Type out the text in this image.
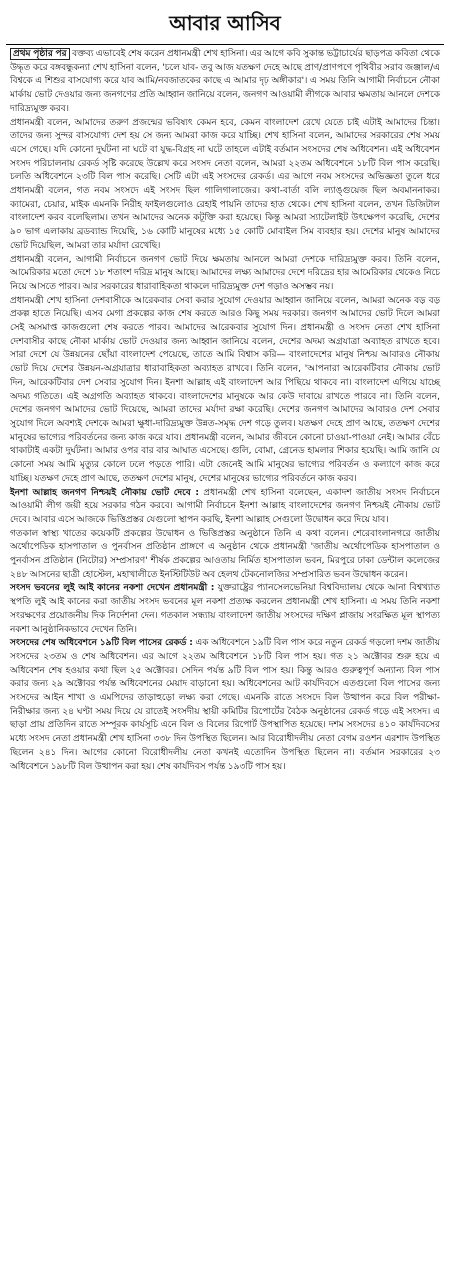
আবার আসিব

প্রথম পৃষ্ঠার পর বক্তব্য এভাবেই শেষ করেন প্রধানমন্ত্রী শেখ হাসিনা। এর আগে কবি সুকান্ত ভট্টাচার্যের ছাড়পত্র কবিতা থেকে উদ্ধৃত করে বঙ্গবন্ধুকন্যা শেখ হাসিনা বলেন, 'চলে যাব- তবু আজ যতক্ষণ দেহে আছে প্রাণ/প্রাণপণে পৃথিবীর সরাব জঞ্জাল/এ বিশ্বকে এ শিশুর বাসযোগ্য করে যাব আমি/নবজাতকের কাছে এ আমার দৃঢ় অঙ্গীকার'। এ সময় তিনি আগামী নির্বাচনে নৌকা মার্কায় ভোট দেওয়ার জন্য জনগণের প্রতি আহ্বান জানিয়ে বলেন, জনগণ আওয়ামী লীগকে আবার ক্ষমতায় আনলে দেশকে দারিদ্র্যমুক্ত করব।

প্রধানমন্ত্রী বলেন, আমাদের তরুণ প্রজন্মের ভবিষ্যৎ কেমন হবে, কেমন বাংলাদেশ রেখে যেতে চাই এটাই আমাদের চিন্তা। তাদের জন্য সুন্দর বাসযোগ্য দেশ হয় সে জন্য আমরা কাজ করে যাচ্ছি। শেখ হাসিনা বলেন, আমাদের সরকারের শেষ সময় এসে গেছে। যদি কোনো দুর্ঘটনা না ঘটে বা যুদ্ধ-বিগ্রহ না ঘটে তাহলে এটাই বর্তমান সংসদের শেষ অধিবেশন। এই অধিবেশন সংসদ পরিচালনায় রেকর্ড সৃষ্টি করেছে উল্লেখ করে সংসদ নেতা বলেন, আমরা ২২তম অধিবেশনে ১৮টি বিল পাস করেছি। চলতি অধিবেশনে ২৩টি বিল পাস করেছি। সেটি এটা এই সংসদের রেকর্ড। এর আগে নবম সংসদের অভিজ্ঞতা তুলে ধরে প্রধানমন্ত্রী বলেন, গত নবম সংসদে এই সংসদ ছিল গালিগালাজের। কথা-বার্তা বলি ল্যাঙ্গুয়েজ ছিল অবমাননাকর। ক্যামেরা, চেয়ার, মাইক এমনকি নিরীহ ফাইলগুলোও রেহাই পায়নি তাদের হাত থেকে। শেখ হাসিনা বলেন, তখন ডিজিটাল বাংলাদেশ করব বলেছিলাম। তখন আমাদের অনেক কটূক্তি করা হয়েছে। কিন্তু আমরা স্যাটেলাইট উৎক্ষেপণ করেছি, দেশের ৯০ ভাগ এলাকায় ব্রডব্যান্ড দিয়েছি, ১৬ কোটি মানুষের মধ্যে ১৫ কোটি মোবাইল সিম ব্যবহার হয়। দেশের মানুষ আমাদের ভোট দিয়েছিল, আমরা তার মর্যাদা রেখেছি।

প্রধানমন্ত্রী বলেন, আগামী নির্বাচনে জনগণ ভোট দিয়ে ক্ষমতায় আনলে আমরা দেশকে দারিদ্র্যমুক্ত করব। তিনি বলেন, আমেরিকার মতো দেশে ১৮ শতাংশ দরিদ্র মানুষ আছে। আমাদের লক্ষ্য আমাদের দেশে দরিদ্রের হার আমেরিকার থেকেও নিচে নিয়ে আসতে পারব। আর সরকারের ধারাবাহিকতা থাকলে দারিদ্র্যমুক্ত দেশ গড়াও অসম্ভব নয়।

প্রধানমন্ত্রী শেখ হাসিনা দেশবাসীকে আরেকবার সেবা করার সুযোগ দেওয়ার আহ্বান জানিয়ে বলেন, আমরা অনেক বড় বড় প্রকল্প হাতে নিয়েছি। এসব মেগা প্রকল্পের কাজ শেষ করতে আরও কিছু সময় দরকার। জনগণ আমাদের ভোট দিলে আমরা সেই অসমাপ্ত কাজগুলো শেষ করতে পারব। আমাদের আরেকবার সুযোগ দিন। প্রধানমন্ত্রী ও সংসদ নেতা শেখ হাসিনা দেশবাসীর কাছে নৌকা মার্কায় ভোট দেওয়ার জন্য আহ্বান জানিয়ে বলেন, দেশের অদম্য অগ্রযাত্রা অব্যাহত রাখতে হবে। সারা দেশে যে উন্নয়নের ছোঁয়া বাংলাদেশ পেয়েছে, তাতে আমি বিশ্বাস করি— বাংলাদেশের মানুষ নিশ্চয় আবারও নৌকায় ভোট দিয়ে দেশের উন্নয়ন-অগ্রযাত্রার ধারাবাহিকতা অব্যাহত রাখবে। তিনি বলেন, 'আপনারা আরেকটিবার নৌকায় ভোট দিন, আরেকটিবার দেশ সেবার সুযোগ দিন। ইনশা আল্লাহ এই বাংলাদেশ আর পিছিয়ে থাকবে না। বাংলাদেশ এগিয়ে যাচ্ছে অদম্য গতিতে। এই অগ্রগতি অব্যাহত থাকবে। বাংলাদেশের মানুষকে আর কেউ দাবায়ে রাখতে পারবে না। তিনি বলেন, দেশের জনগণ আমাদের ভোট দিয়েছে, আমরা তাদের মর্যাদা রক্ষা করেছি। দেশের জনগণ আমাদের আবারও দেশ সেবার সুযোগ দিলে অবশ্যই দেশকে আমরা ক্ষুধা-দারিদ্র্যমুক্ত উন্নত-সমৃদ্ধ দেশ গড়ে তুলব। যতক্ষণ দেহে প্রাণ আছে, ততক্ষণ দেশের মানুষের ভাগ্যের পরিবর্তনের জন্য কাজ করে যাব। প্রধানমন্ত্রী বলেন, আমার জীবনে কোনো চাওয়া-পাওয়া নেই। আমার বেঁচে থাকাটাই একটা দুর্ঘটনা। আমার ওপর বার বার আঘাত এসেছে। গুলি, বোমা, গ্রেনেড হামলার শিকার হয়েছি। আমি জানি যে কোনো সময় আমি মৃত্যুর কোলে ঢলে পড়তে পারি। এটা জেনেই আমি মানুষের ভাগ্যের পরিবর্তন ও কল্যাণে কাজ করে যাচ্ছি। যতক্ষণ দেহে প্রাণ আছে, ততক্ষণ দেশের মানুষ, দেশের মানুষের ভাগ্যের পরিবর্তনে কাজ করব।

ইনশা আল্লাহ জনগণ নিশ্চয়ই নৌকায় ভোট দেবে : প্রধানমন্ত্রী শেখ হাসিনা বলেছেন, একাদশ জাতীয় সংসদ নির্বাচনে আওয়ামী লীগ জয়ী হয়ে সরকার গঠন করবে। আগামী নির্বাচনে ইনশা আল্লাহ বাংলাদেশের জনগণ নিশ্চয়ই নৌকায় ভোট দেবে। আবার এসে আজকে ভিত্তিপ্রস্তর যেগুলো স্থাপন করছি, ইনশা আল্লাহ সেগুলো উদ্বোধন করে দিয়ে যাব।

গতকাল স্বাস্থ্য খাতের কয়েকটি প্রকল্পের উদ্বোধন ও ভিত্তিপ্রস্তর অনুষ্ঠানে তিনি এ কথা বলেন। শেরেবাংলানগরে জাতীয় অর্থোপেডিক হাসপাতাল ও পুনর্বাসন প্রতিষ্ঠান প্রাঙ্গণে এ অনুষ্ঠান থেকে প্রধানমন্ত্রী 'জাতীয় অর্থোপেডিক হাসপাতাল ও পুনর্বাসন প্রতিষ্ঠান (নিটোর) সম্প্রসারণ' শীর্ষক প্রকল্পের আওতায় নির্মিত হাসপাতাল ভবন, মিরপুরে ঢাকা ডেন্টাল কলেজের ২৪৮ আসনের ছাত্রী হোস্টেল, মহাখালীতে ইনস্টিটিউট অব হেলথ টেকনোলজির সম্প্রসারিত ভবন উদ্বোধন করেন।

সংসদ ভবনের লুই আই কানের নকশা দেখেন প্রধানমন্ত্রী : যুক্তরাষ্ট্রের প্যানসেলভেনিয়া বিশ্ববিদ্যালয় থেকে আনা বিশ্বখ্যাত স্থপতি লুই আই কানের করা জাতীয় সংসদ ভবনের মূল নকশা প্রত্যক্ষ করলেন প্রধানমন্ত্রী শেখ হাসিনা। এ সময় তিনি নকশা সংরক্ষণের প্রয়োজনীয় দিক নির্দেশনা দেন। গতকাল সন্ধ্যায় বাংলাদেশ জাতীয় সংসদের দক্ষিণ প্লাজায় সংরক্ষিত মূল স্থাপত্য নকশা আনুষ্ঠানিকভাবে দেখেন তিনি।

সংসদের শেষ অধিবেশনে ১৯টি বিল পাসের রেকর্ড : এক অধিবেশনে ১৯টি বিল পাস করে নতুন রেকর্ড গড়লো দশম জাতীয় সংসদের ২৩তম ও শেষ অধিবেশন। এর আগে ২২তম অধিবেশনে ১৮টি বিল পাস হয়। গত ২১ অক্টোবর শুরু হয়ে এ অধিবেশন শেষ হওয়ার কথা ছিল ২৫ অক্টোবর। সেদিন পর্যন্ত ৯টি বিল পাস হয়। কিন্তু আরও গুরুত্বপূর্ণ অন্যান্য বিল পাস করার জন্য ২৯ অক্টোবর পর্যন্ত অধিবেশনের মেয়াদ বাড়ানো হয়। অধিবেশনের আট কার্যদিবসে এতগুলো বিল পাসের জন্য সংসদের আইন শাখা ও এমপিদের তাড়াহুড়ো লক্ষ্য করা গেছে। এমনকি রাতে সংসদে বিল উত্থাপন করে বিল পরীক্ষা-নিরীক্ষার জন্য ২৪ ঘণ্টা সময় দিয়ে যে রাতেই সংসদীয় স্থায়ী কমিটির রিপোর্টের বৈঠক অনুষ্ঠানের রেকর্ড গড়ে এই সংসদ। এ ছাড়া প্রায় প্রতিদিন রাতে সম্পূরক কার্যসূচি এনে বিল ও বিলের রিপোর্ট উপস্থাপিত হয়েছে। দশম সংসদের ৪১০ কার্যদিবসের মধ্যে সংসদ নেতা প্রধানমন্ত্রী শেখ হাসিনা ৩৩৮ দিন উপস্থিত ছিলেন। আর বিরোধীদলীয় নেতা বেগম রওশন এরশাদ উপস্থিত ছিলেন ২৪১ দিন। আগের কোনো বিরোধীদলীয় নেতা কখনই এতোদিন উপস্থিত ছিলেন না। বর্তমান সরকারের ২৩ অধিবেশনে ১৯৮টি বিল উত্থাপন করা হয়। শেষ কার্যদিবস পর্যন্ত ১৯৩টি পাস হয়।
